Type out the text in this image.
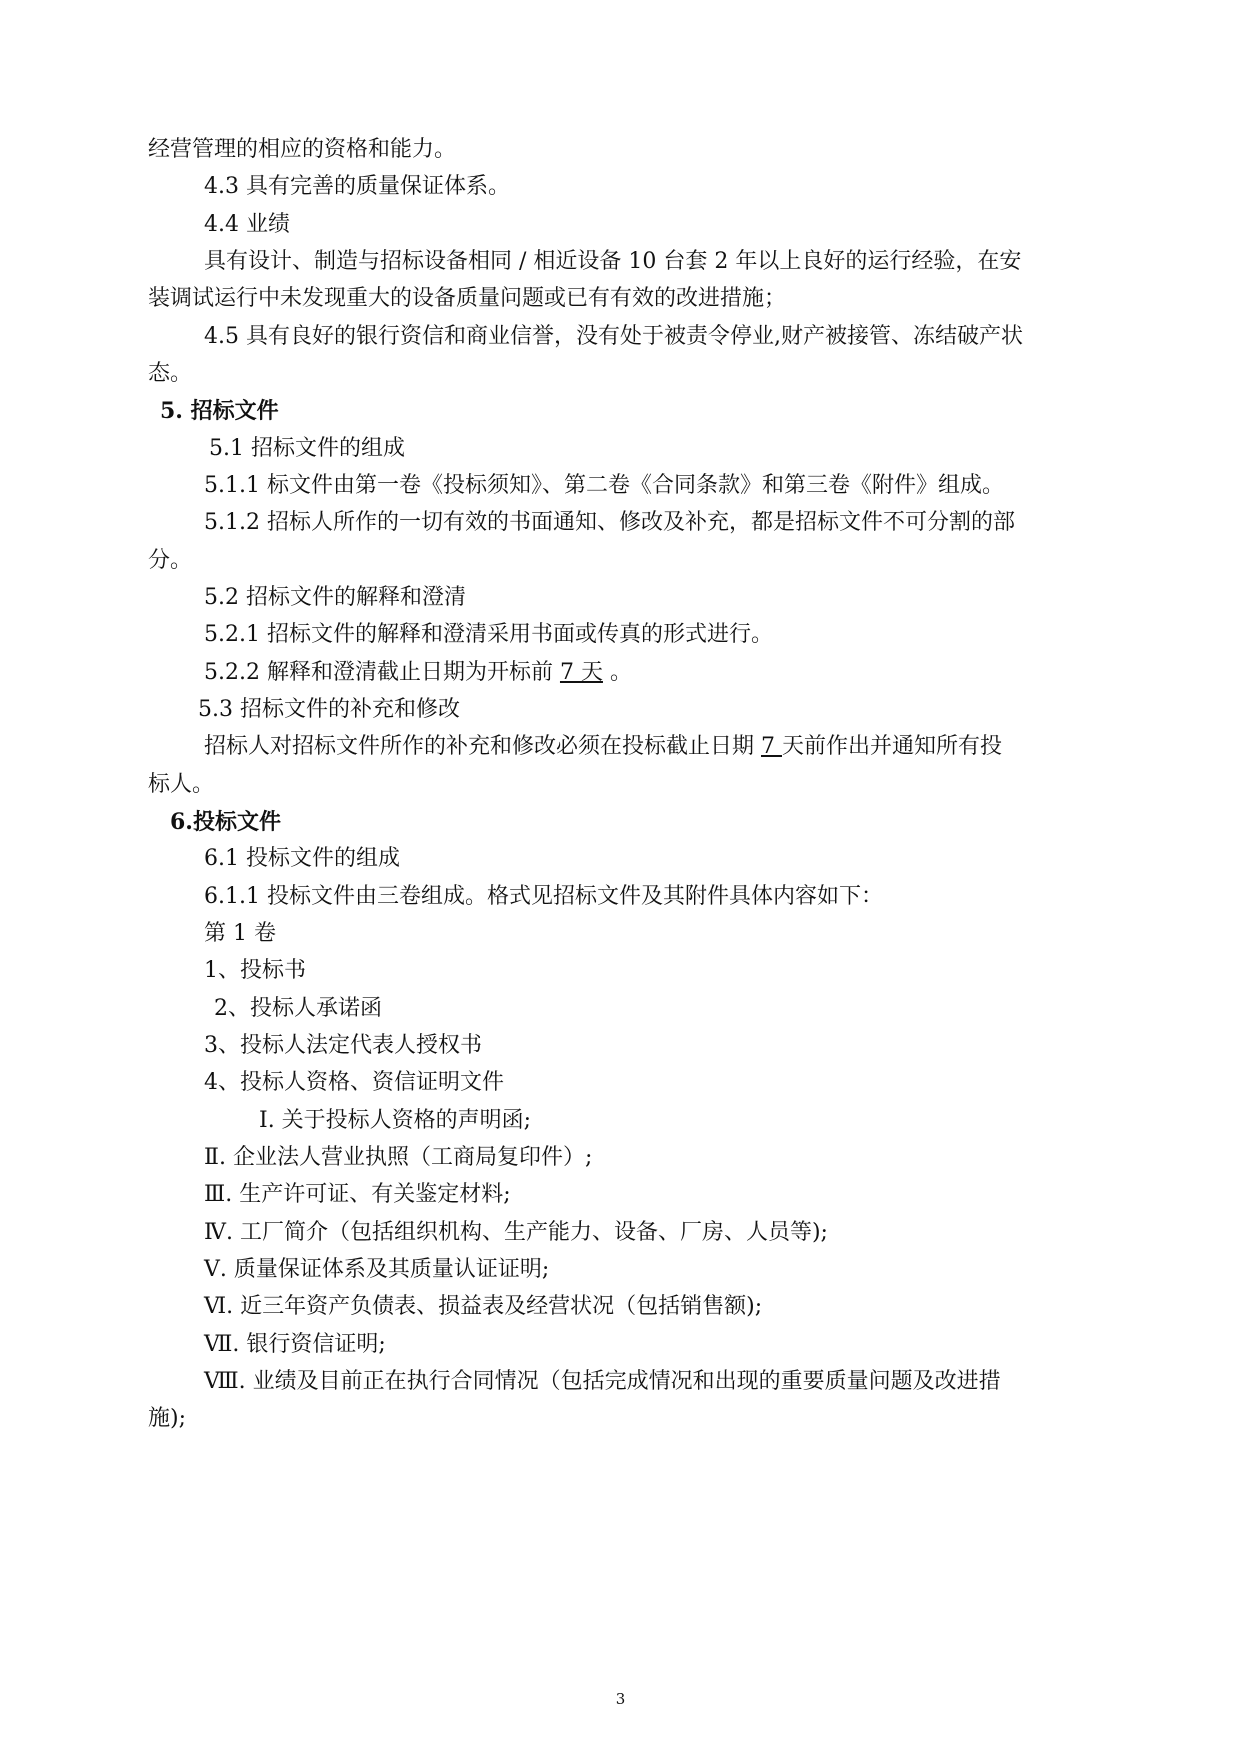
经营管理的相应的资格和能力。
4.3 具有完善的质量保证体系。
4.4 业绩
具有设计、制造与招标设备相同 / 相近设备 10 台套 2 年以上良好的运行经验，在安
装调试运行中未发现重大的设备质量问题或已有有效的改进措施；
4.5 具有良好的银行资信和商业信誉，没有处于被责令停业,财产被接管、冻结破产状
态。
5. 招标文件
5.1 招标文件的组成
5.1.1 标文件由第一卷《投标须知》、第二卷《合同条款》和第三卷《附件》组成。
5.1.2 招标人所作的一切有效的书面通知、修改及补充，都是招标文件不可分割的部
分。
5.2 招标文件的解释和澄清
5.2.1 招标文件的解释和澄清采用书面或传真的形式进行。
5.2.2 解释和澄清截止日期为开标前 7 天 。
5.3 招标文件的补充和修改
招标人对招标文件所作的补充和修改必须在投标截止日期 7 天前作出并通知所有投
标人。
6.投标文件
6.1 投标文件的组成
6.1.1 投标文件由三卷组成。格式见招标文件及其附件具体内容如下：
第 1 卷
1、投标书
2、投标人承诺函
3、投标人法定代表人授权书
4、投标人资格、资信证明文件
Ⅰ. 关于投标人资格的声明函;
Ⅱ. 企业法人营业执照（工商局复印件）;
Ⅲ. 生产许可证、有关鉴定材料;
Ⅳ. 工厂简介（包括组织机构、生产能力、设备、厂房、人员等);
Ⅴ. 质量保证体系及其质量认证证明;
Ⅵ. 近三年资产负债表、损益表及经营状况（包括销售额);
Ⅶ. 银行资信证明;
Ⅷ. 业绩及目前正在执行合同情况（包括完成情况和出现的重要质量问题及改进措
施);
3
